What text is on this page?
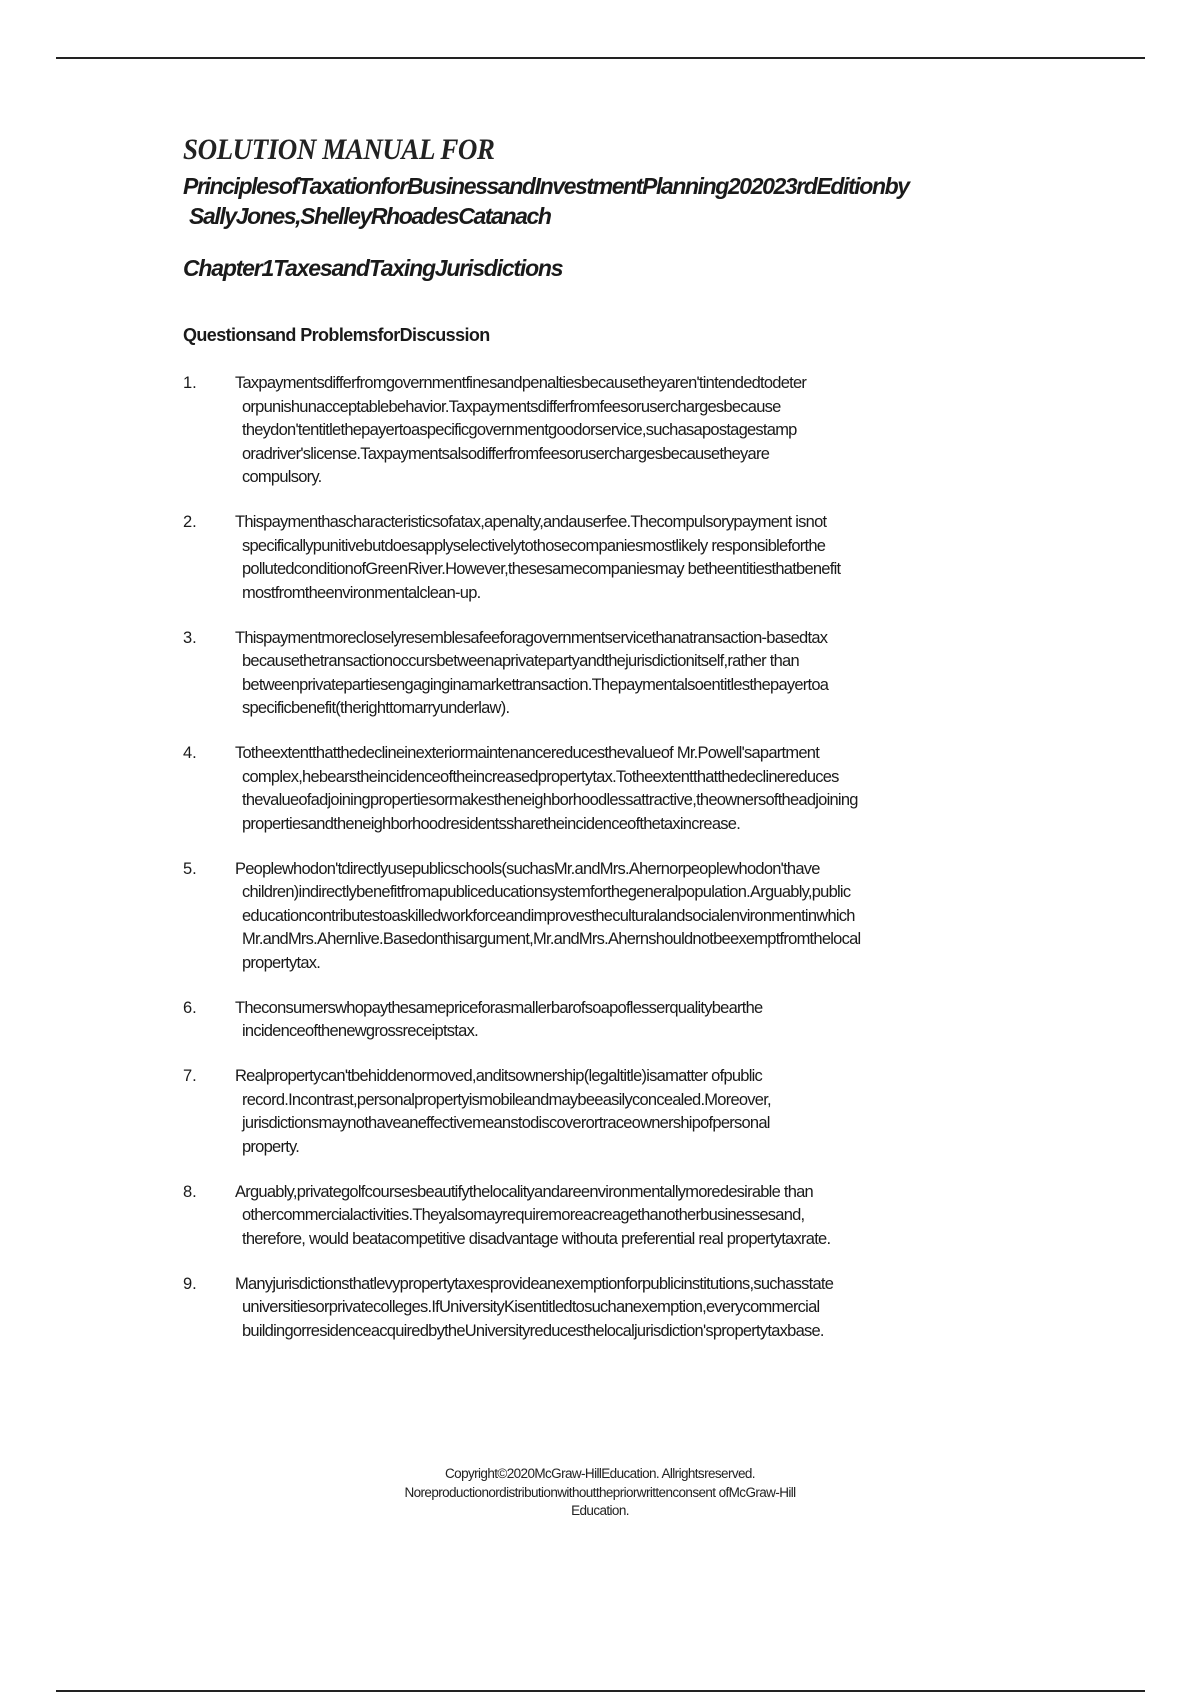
SOLUTION MANUAL FOR
PrinciplesofTaxationforBusinessandInvestmentPlanning202023rdEditionby
SallyJones,ShelleyRhoadesCatanach
Chapter1TaxesandTaxingJurisdictions
Questionsand ProblemsforDiscussion
1. Taxpaymentsdifferfromgovernmentfinesandpenaltiesbecausetheyaren'tintendedtodeter
orpunishunacceptablebehavior.Taxpaymentsdifferfromfeesoruserchargesbecause
theydon'tentitlethepayertoaspecificgovernmentgoodorservice,suchasapostagestamp
oradriver'slicense.Taxpaymentsalsodifferfromfeesoruserchargesbecausetheyare
compulsory.
2. Thispaymenthascharacteristicsofatax,apenalty,andauserfee.Thecompulsorypayment isnot
specificallypunitivebutdoesapplyselectivelytothosecompaniesmostlikely responsibleforthe
pollutedconditionofGreenRiver.However,thesesamecompaniesmay betheentitiesthatbenefit
mostfromtheenvironmentalclean-up.
3. Thispaymentmorecloselyresemblesafeeforagovernmentservicethanatransaction-basedtax
becausethetransactionoccursbetweenaprivatepartyandthejurisdictionitself,rather than
betweenprivatepartiesengaginginamarkettransaction.Thepaymentalsoentitlesthepayertoa
specificbenefit(therighttomarryunderlaw).
4. Totheextentthatthedeclineinexteriormaintenancereducesthevalueof Mr.Powell'sapartment
complex,hebearstheincidenceoftheincreasedpropertytax.Totheextentthatthedeclinereduces
thevalueofadjoiningpropertiesormakestheneighborhoodlessattractive,theownersoftheadjoining
propertiesandtheneighborhoodresidentssharetheincidenceofthetaxincrease.
5. Peoplewhodon'tdirectlyusepublicschools(suchasMr.andMrs.Ahernorpeoplewhodon'thave
children)indirectlybenefitfromapubliceducationsystemforthegeneralpopulation.Arguably,public
educationcontributestoaskilledworkforceandimprovestheculturalandsocialenvironmentinwhich
Mr.andMrs.Ahernlive.Basedonthisargument,Mr.andMrs.Ahernshouldnotbeexemptfromthelocal
propertytax.
6. Theconsumerswhopaythesamepriceforasmallerbarofsoapoflesserqualitybearthe
incidenceofthenewgrossreceiptstax.
7. Realpropertycan'tbehiddenormoved,anditsownership(legaltitle)isamatter ofpublic
record.Incontrast,personalpropertyismobileandmaybeeasilyconcealed.Moreover,
jurisdictionsmaynothaveaneffectivemeanstodiscoverortraceownershipofpersonal
property.
8. Arguably,privategolfcoursesbeautifythelocalityandareenvironmentallymoredesirable than
othercommercialactivities.Theyalsomayrequiremoreacreagethanotherbusinessesand,
therefore, would beatacompetitive disadvantage withouta preferential real propertytaxrate.
9. Manyjurisdictionsthatlevypropertytaxesprovideanexemptionforpublicinstitutions,suchasstate
universitiesorprivatecolleges.IfUniversityKisentitledtosuchanexemption,everycommercial
buildingorresidenceacquiredbytheUniversityreducesthelocaljurisdiction'spropertytaxbase.
Copyright©2020McGraw-HillEducation. Allrightsreserved.
Noreproductionordistributionwithoutthepriorwrittenconsent ofMcGraw-Hill
Education.
